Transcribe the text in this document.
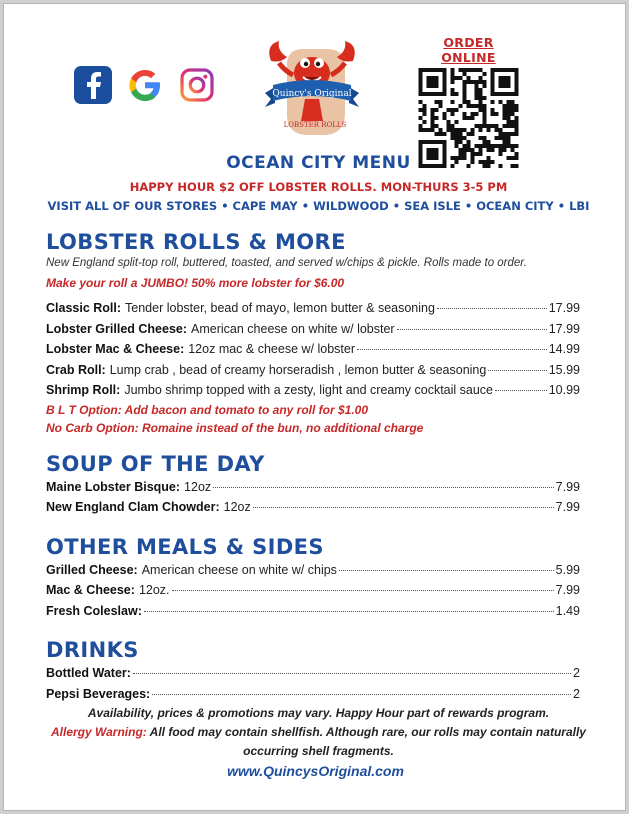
Quincy's Original
LOBSTER ROLLS
ORDER ONLINE
OCEAN CITY MENU
HAPPY HOUR $2 OFF LOBSTER ROLLS. MON-THURS 3-5 PM
VISIT ALL OF OUR STORES • CAPE MAY • WILDWOOD • SEA ISLE • OCEAN CITY • LBI
LOBSTER ROLLS & MORE
New England split-top roll, buttered, toasted, and served w/chips & pickle. Rolls made to order.
Make your roll a JUMBO! 50% more lobster for $6.00
Classic Roll: Tender lobster, bead of mayo, lemon butter & seasoning	17.99
Lobster Grilled Cheese: American cheese on white w/ lobster	17.99
Lobster Mac & Cheese: 12oz mac & cheese w/ lobster	14.99
Crab Roll: Lump crab , bead of creamy horseradish , lemon butter & seasoning	15.99
Shrimp Roll: Jumbo shrimp topped with a zesty, light and creamy cocktail sauce	10.99
B L T Option: Add bacon and tomato to any roll for $1.00
No Carb Option: Romaine instead of the bun, no additional charge
SOUP OF THE DAY
Maine Lobster Bisque: 12oz	7.99
New England Clam Chowder: 12oz	7.99
OTHER MEALS & SIDES
Grilled Cheese: American cheese on white w/ chips	5.99
Mac & Cheese: 12oz.	7.99
Fresh Coleslaw:	1.49
DRINKS
Bottled Water:	2
Pepsi Beverages:	2
Availability, prices & promotions may vary. Happy Hour part of rewards program.
Allergy Warning: All food may contain shellfish. Although rare, our rolls may contain naturally occurring shell fragments.
www.QuincysOriginal.com
